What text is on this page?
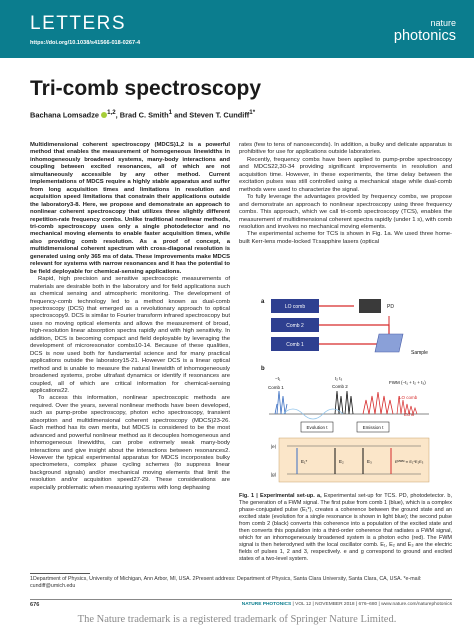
LETTERS
https://doi.org/10.1038/s41566-018-0267-4
nature
photonics
Tri-comb spectroscopy
Bachana Lomsadze $^{1,2}$, Brad C. Smith$^1$ and Steven T. Cundiff$^{1*}$

Multidimensional coherent spectroscopy (MDCS)1,2 is a powerful method that enables the measurement of homogeneous linewidths in inhomogeneously broadened systems, many-body interactions and coupling between excited resonances, all of which are not simultaneously accessible by any other method. Current implementations of MDCS require a highly stable apparatus and suffer from long acquisition times and limitations in resolution and acquisition speed limitations that constrain their applications outside the laboratory3-8. Here, we propose and demonstrate an approach to nonlinear coherent spectroscopy that utilizes three slightly different repetition-rate frequency combs. Unlike traditional nonlinear methods, tri-comb spectroscopy uses only a single photodetector and no mechanical moving elements to enable faster acquisition times, while also providing comb resolution. As a proof of concept, a multidimensional coherent spectrum with cross-diagonal resolution is generated using only 365 ms of data. These improvements make MDCS relevant for systems with narrow resonances and it has the potential to be field deployable for chemical-sensing applications.

Rapid, high precision and sensitive spectroscopic measurements of materials are desirable both in the laboratory and for field applications such as chemical sensing and atmospheric monitoring. The development of frequency-comb technology led to a method known as dual-comb spectroscopy (DCS) that emerged as a revolutionary approach to optical spectroscopy9. DCS is similar to Fourier transform infrared spectroscopy but uses no moving optical elements and allows the measurement of broad, high-resolution linear absorption spectra rapidly and with high sensitivity. In addition, DCS is becoming compact and field deployable by leveraging the development of microresonator combs10-14. Because of these qualities, DCS is now used both for fundamental science and for many practical applications outside the laboratory15-21. However DCS is a linear optical method and is unable to measure the natural linewidth of inhomogeneously broadened systems, probe ultrafast dynamics or identify if resonances are coupled, all of which are critical information for chemical-sensing applications22.

To access this information, nonlinear spectroscopic methods are required. Over the years, several nonlinear methods have been developed, such as pump-probe spectroscopy, photon echo spectroscopy, transient absorption and multidimensional coherent spectroscopy (MDCS)23-26. Each method has its own merits, but MDCS is considered to be the most advanced and powerful nonlinear method as it decouples homogeneous and inhomogeneous linewidths, can probe extremely weak many-body interactions and give insight about the interactions between resonances2. However the typical experimental apparatus for MDCS incorporates bulky spectrometers, complex phase cycling schemes (to suppress linear background signals) and/or mechanical moving elements that limit the resolution and/or acquisition speed27-29. These considerations are especially problematic when measuring systems with long dephasing

rates (few to tens of nanoseconds). In addition, a bulky and delicate apparatus is prohibitive for use for applications outside laboratories.

Recently, frequency combs have been applied to pump-probe spectroscopy and MDCS22,30-34 providing significant improvements in resolution and acquisition time. However, in these experiments, the time delay between the excitation pulses was still controlled using a mechanical stage while dual-comb methods were used to characterize the signal.

To fully leverage the advantages provided by frequency combs, we propose and demonstrate an approach to nonlinear spectroscopy using three frequency combs. This approach, which we call tri-comb spectroscopy (TCS), enables the measurement of multidimensional coherent spectra rapidly (under 1 s), with comb resolution and involves no mechanical moving elements.

The experimental scheme for TCS is shown in Fig. 1a. We used three home-built Kerr-lens mode-locked Ti:sapphire lasers (optical

a
LO comb
Comb 2
Comb 1
PD
Sample
b
−t₁	t₂ t₃
Comb 1	Comb 2
FWM (−t₁ + t₂ + t₃)
LO comb
Echo
Evolution t	Emission t
|e⟩
|g⟩
E₁*	E₂	E₃	Eᴹᵂᴹ ∝ E₁*E₂E₃
Fig. 1 | Experimental set-up. a, Experimental set-up for TCS. PD, photodetector. b, The generation of a FWM signal. The first pulse from comb 1 (blue), which is a complex phase-conjugated pulse (E₁*), creates a coherence between the ground state and an excited state (evolution for a single resonance is shown in light blue); the second pulse from comb 2 (black) converts this coherence into a population of the excited state and then converts this population into a third-order coherence that radiates a FWM signal, which for an inhomogeneously broadened system is a photon echo (red). The FWM signal is then heterodyned with the local oscillator comb. E₁, E₂ and E₃ are the electric fields of pulses 1, 2 and 3, respectively. e and g correspond to ground and excited states of a two-level system.
1Department of Physics, University of Michigan, Ann Arbor, MI, USA. 2Present address: Department of Physics, Santa Clara University, Santa Clara, CA, USA. *e-mail: cundiff@umich.edu
676	NATURE PHOTONICS | VOL 12 | NOVEMBER 2018 | 676–680 | www.nature.com/naturephotonics
The Nature trademark is a registered trademark of Springer Nature Limited.
